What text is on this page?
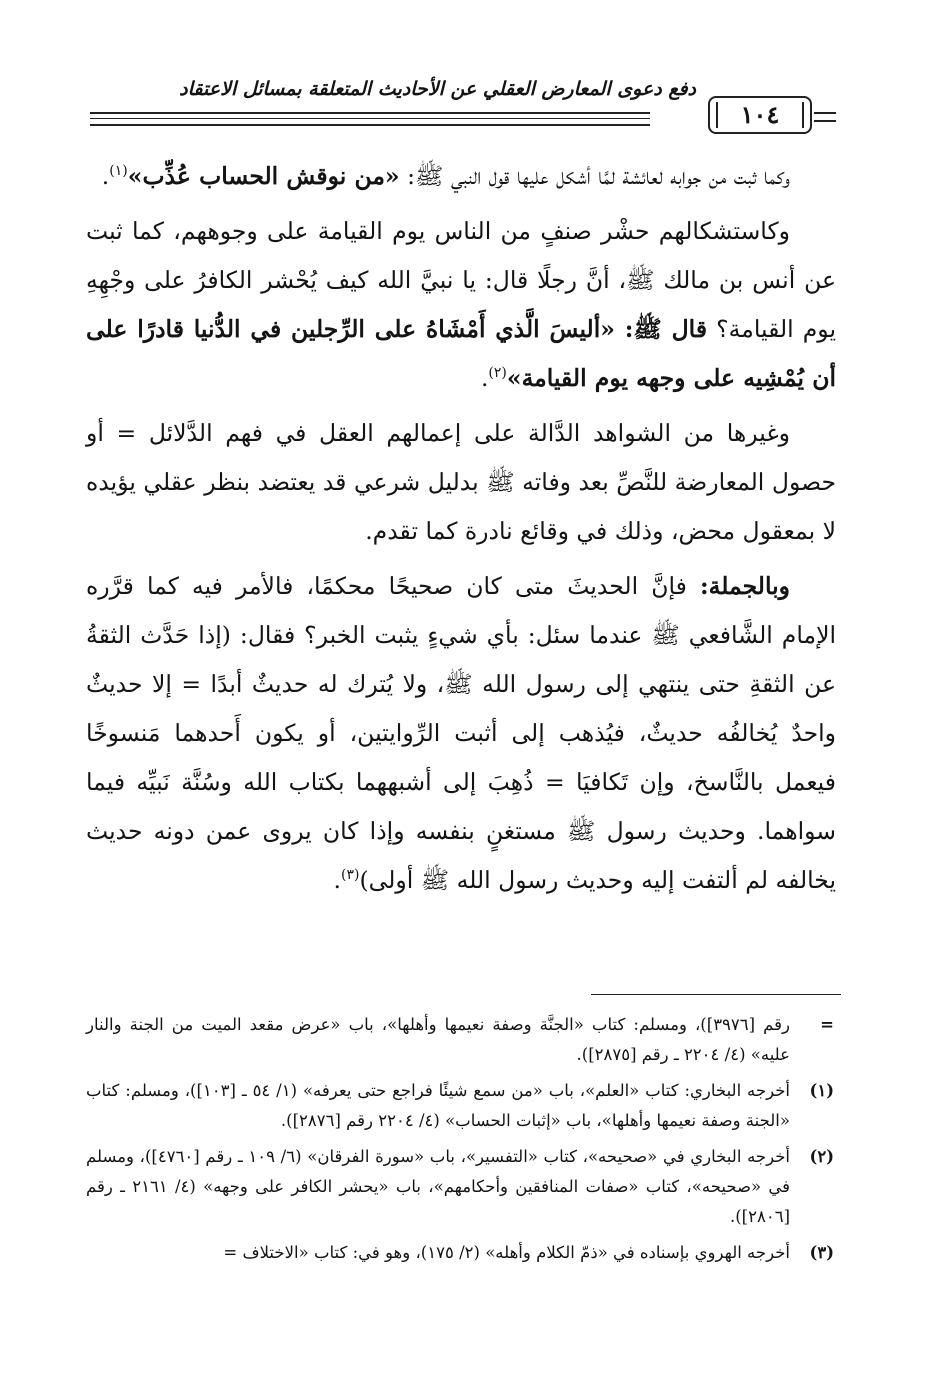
دفع دعوى المعارض العقلي عن الأحاديث المتعلقة بمسائل الاعتقاد
١٠٤

وكما ثبت من جوابه لعائشة لمَّا أشكل عليها قول النبي ﷺ: «من نوقش الحساب عُذِّب»$^{(١)}$.

وكاستشكالهم حشْر صنفٍ من الناس يوم القيامة على وجوههم، كما ثبت عن أنس بن مالك ﷺ، أنَّ رجلًا قال: يا نبيَّ الله كيف يُحْشر الكافرُ على وجْهِهِ يوم القيامة؟ قال ﷺ: «أليسَ الَّذي أَمْشَاهُ على الرِّجلين في الدُّنيا قادرًا على أن يُمْشِيه على وجهه يوم القيامة»$^{(٢)}$.

وغيرها من الشواهد الدَّالة على إعمالهم العقل في فهم الدَّلائل = أو حصول المعارضة للنَّصِّ بعد وفاته ﷺ بدليل شرعي قد يعتضد بنظر عقلي يؤيده لا بمعقول محض، وذلك في وقائع نادرة كما تقدم.

وبالجملة: فإنَّ الحديثَ متى كان صحيحًا محكمًا، فالأمر فيه كما قرَّره الإمام الشَّافعي ﷺ عندما سئل: بأي شيءٍ يثبت الخبر؟ فقال: (إذا حَدَّث الثقةُ عن الثقةِ حتى ينتهي إلى رسول الله ﷺ، ولا يُترك له حديثٌ أبدًا = إلا حديثٌ واحدٌ يُخالفُه حديثٌ، فيُذهب إلى أثبت الرِّوايتين، أو يكون أَحدهما مَنسوخًا فيعمل بالنَّاسخ، وإن تَكافيَا = ذُهِبَ إلى أشبههما بكتاب الله وسُنَّة نَبيِّه فيما سواهما. وحديث رسول ﷺ مستغنٍ بنفسه وإذا كان يروى عمن دونه حديث يخالفه لم ألتفت إليه وحديث رسول الله ﷺ أولى)$^{(٣)}$.

=
رقم [٣٩٧٦])، ومسلم: كتاب «الجنَّة وصفة نعيمها وأهلها»، باب «عرض مقعد الميت من الجنة والنار عليه» (٤/ ٢٢٠٤ ـ رقم [٢٨٧٥]).
(١)
أخرجه البخاري: كتاب «العلم»، باب «من سمع شيئًا فراجع حتى يعرفه» (١/ ٥٤ ـ [١٠٣])، ومسلم: كتاب «الجنة وصفة نعيمها وأهلها»، باب «إثبات الحساب» (٤/ ٢٢٠٤ رقم [٢٨٧٦]).
(٢)
أخرجه البخاري في «صحيحه»، كتاب «التفسير»، باب «سورة الفرقان» (٦/ ١٠٩ ـ رقم [٤٧٦٠])، ومسلم في «صحيحه»، كتاب «صفات المنافقين وأحكامهم»، باب «يحشر الكافر على وجهه» (٤/ ٢١٦١ ـ رقم [٢٨٠٦]).
(٣)
أخرجه الهروي بإسناده في «ذمّ الكلام وأهله» (٢/ ١٧٥)، وهو في: كتاب «الاختلاف =
